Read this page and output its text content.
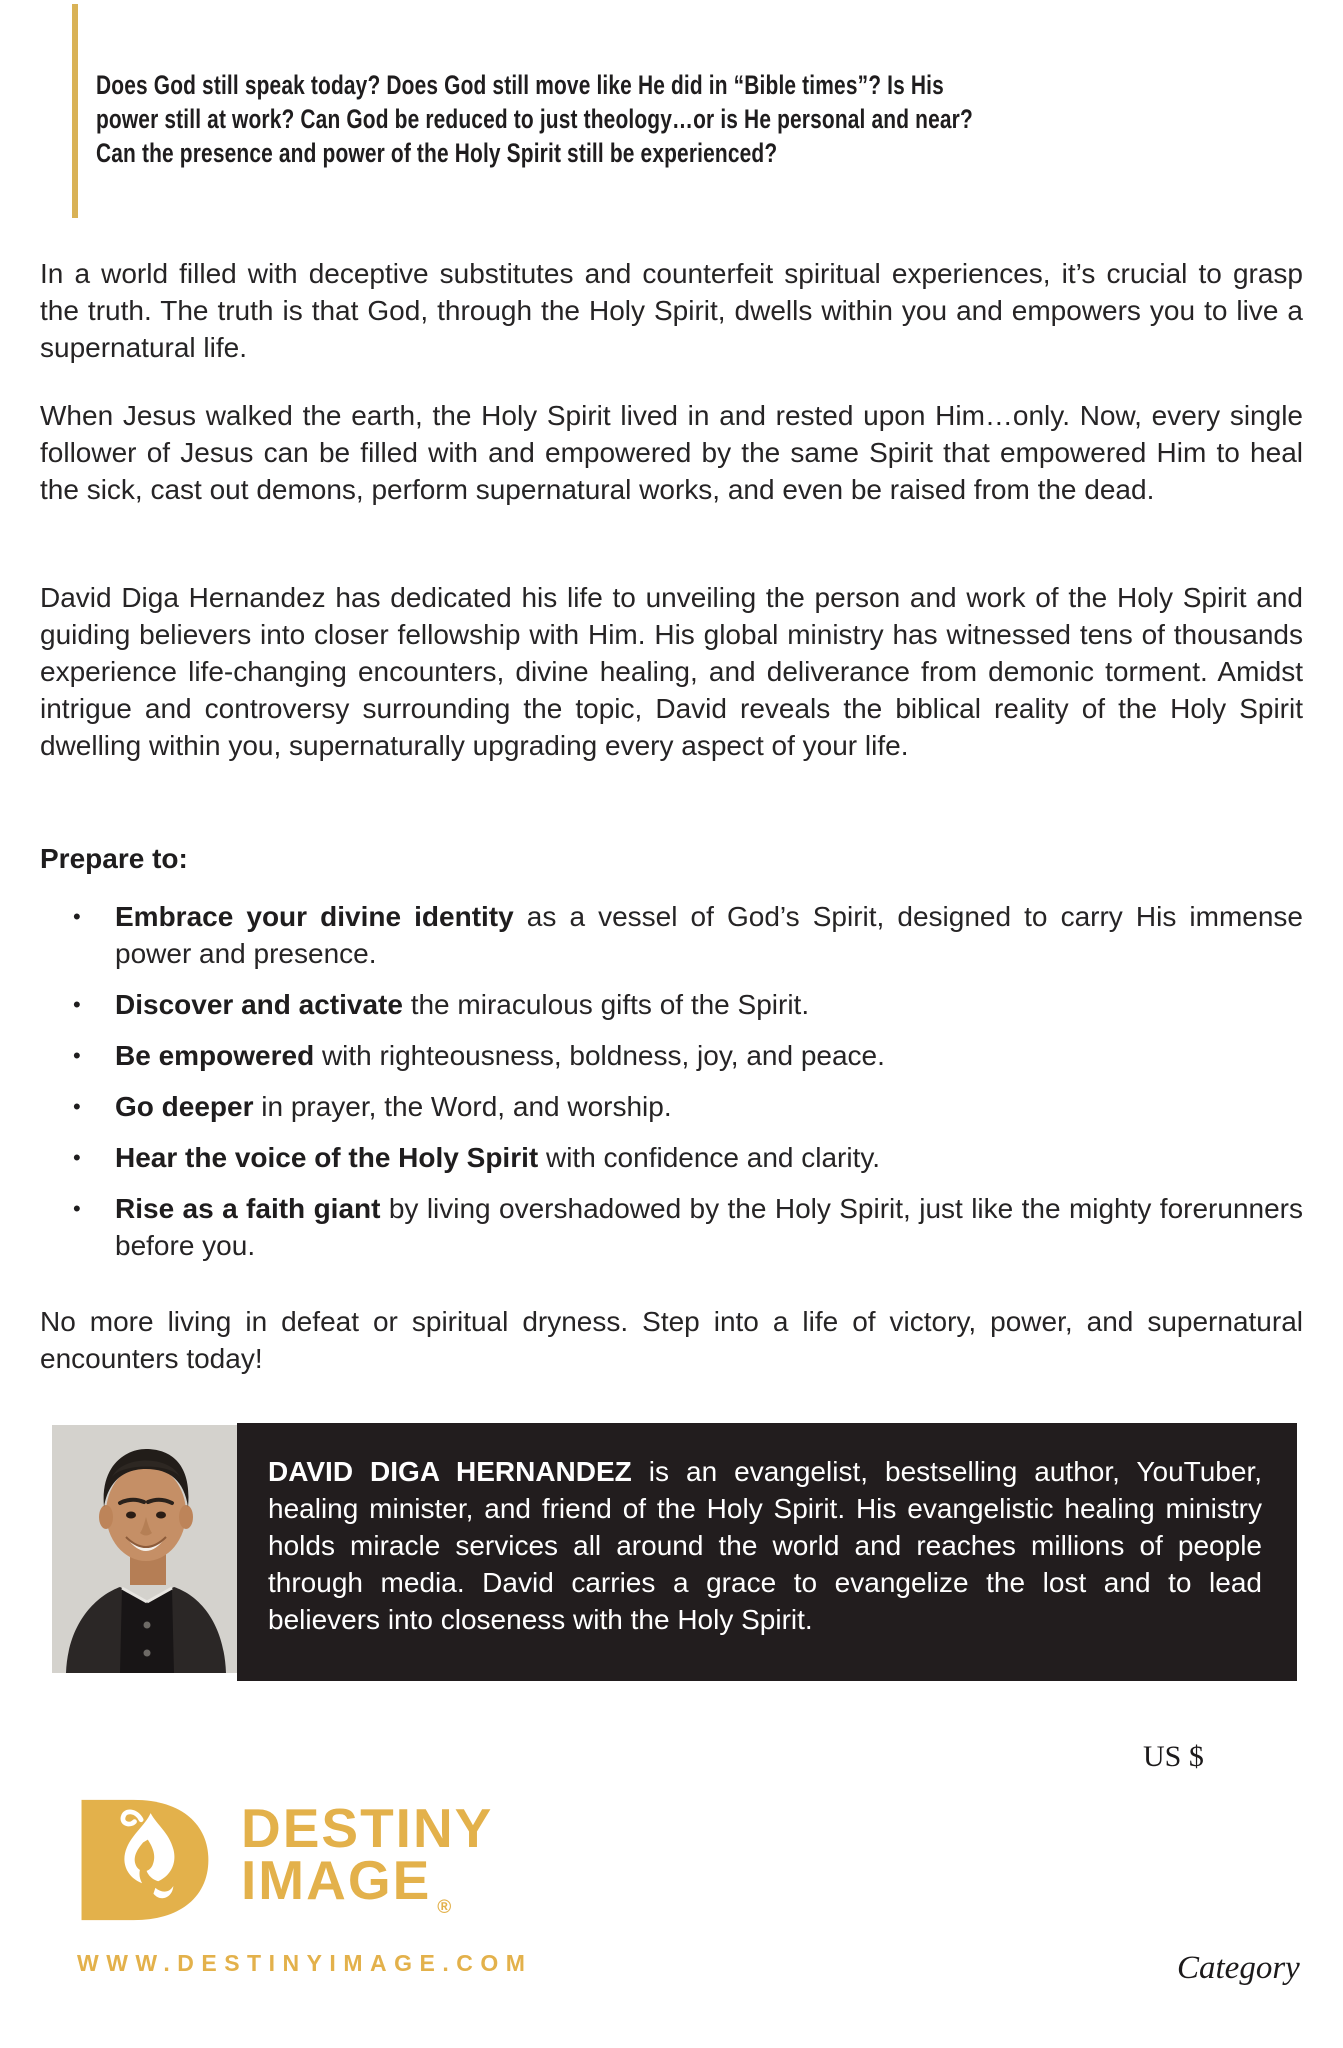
Does God still speak today? Does God still move like He did in “Bible times”? Is His power still at work? Can God be reduced to just theology…or is He personal and near? Can the presence and power of the Holy Spirit still be experienced?

In a world filled with deceptive substitutes and counterfeit spiritual experiences, it’s crucial to grasp the truth. The truth is that God, through the Holy Spirit, dwells within you and empowers you to live a supernatural life.

When Jesus walked the earth, the Holy Spirit lived in and rested upon Him…only. Now, every single follower of Jesus can be filled with and empowered by the same Spirit that empowered Him to heal the sick, cast out demons, perform supernatural works, and even be raised from the dead.

David Diga Hernandez has dedicated his life to unveiling the person and work of the Holy Spirit and guiding believers into closer fellowship with Him. His global ministry has witnessed tens of thousands experience life-changing encounters, divine healing, and deliverance from demonic torment. Amidst intrigue and controversy surrounding the topic, David reveals the biblical reality of the Holy Spirit dwelling within you, supernaturally upgrading every aspect of your life.

Prepare to:

• Embrace your divine identity as a vessel of God’s Spirit, designed to carry His immense power and presence.
• Discover and activate the miraculous gifts of the Spirit.
• Be empowered with righteousness, boldness, joy, and peace.
• Go deeper in prayer, the Word, and worship.
• Hear the voice of the Holy Spirit with confidence and clarity.
• Rise as a faith giant by living overshadowed by the Holy Spirit, just like the mighty forerunners before you.

No more living in defeat or spiritual dryness. Step into a life of victory, power, and supernatural encounters today!

DAVID DIGA HERNANDEZ is an evangelist, bestselling author, YouTuber, healing minister, and friend of the Holy Spirit. His evangelistic healing ministry holds miracle services all around the world and reaches millions of people through media. David carries a grace to evangelize the lost and to lead believers into closeness with the Holy Spirit.

US $
DESTINY
IMAGE $_®$
WWW.DESTINYIMAGE.COM	Category
